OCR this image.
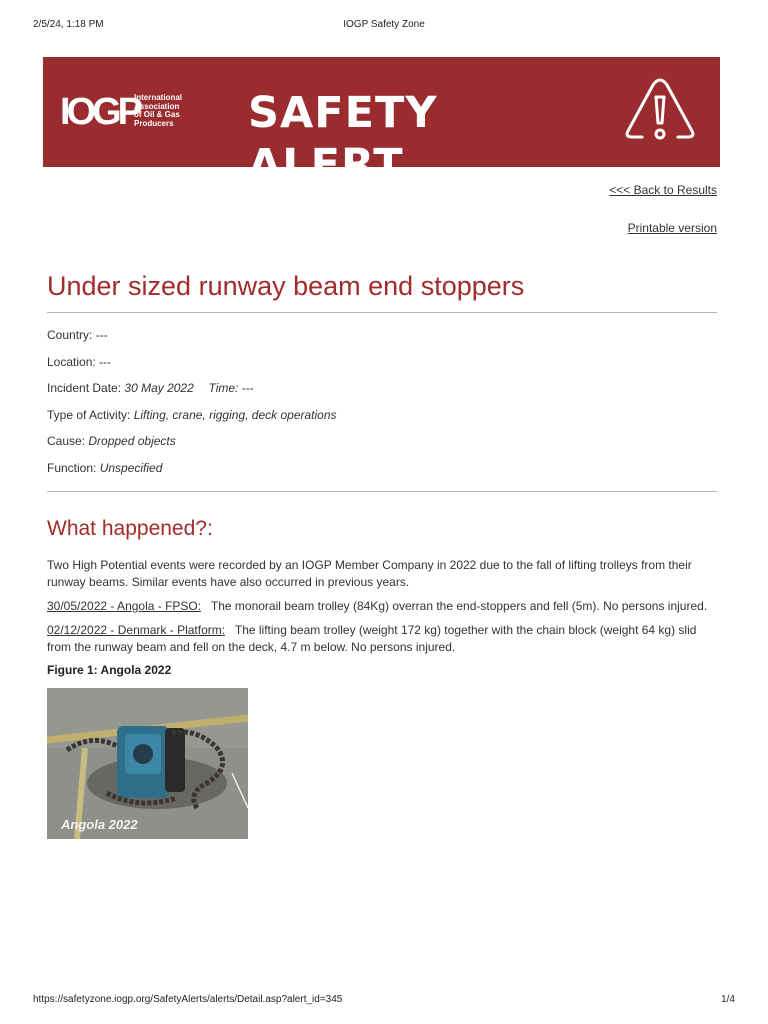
2/5/24, 1:18 PM	IOGP Safety Zone
IOGP
International
Association
of Oil & Gas
Producers	SAFETY ALERT	<<< Back to Results
Printable version
Under sized runway beam end stoppers
Country: ---
Location: ---
Incident Date: 30 May 2022 Time: ---
Type of Activity: Lifting, crane, rigging, deck operations
Cause: Dropped objects
Function: Unspecified
What happened?:

Two High Potential events were recorded by an IOGP Member Company in 2022 due to the fall of lifting trolleys from their runway beams. Similar events have also occurred in previous years.

30/05/2022 - Angola - FPSO: The monorail beam trolley (84Kg) overran the end-stoppers and fell (5m). No persons injured.

02/12/2022 - Denmark - Platform: The lifting beam trolley (weight 172 kg) together with the chain block (weight 64 kg) slid from the runway beam and fell on the deck, 4.7 m below. No persons injured.

Figure 1: Angola 2022
Angola 2022
https://safetyzone.iogp.org/SafetyAlerts/alerts/Detail.asp?alert_id=345	1/4
